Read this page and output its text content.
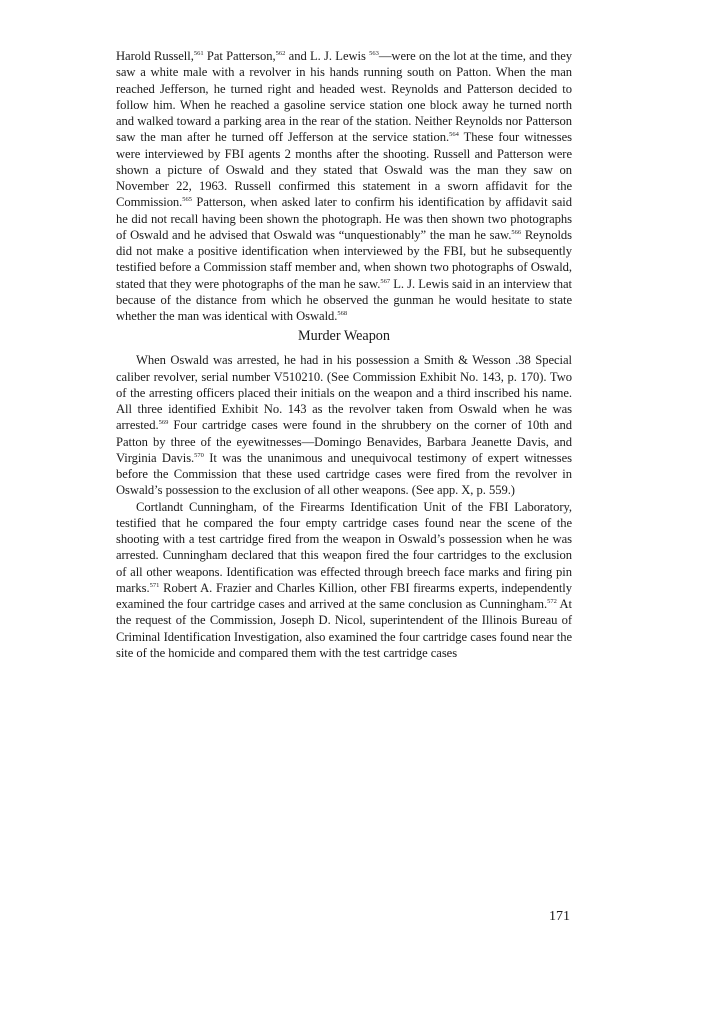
Harold Russell,$^{561}$ Pat Patterson,$^{562}$ and L. J. Lewis $^{563}$—were on the lot at the time, and they saw a white male with a revolver in his hands running south on Patton. When the man reached Jefferson, he turned right and headed west. Reynolds and Patterson decided to follow him. When he reached a gasoline service station one block away he turned north and walked toward a parking area in the rear of the station. Neither Reynolds nor Patterson saw the man after he turned off Jefferson at the service station.$^{564}$ These four witnesses were interviewed by FBI agents 2 months after the shooting. Russell and Patterson were shown a picture of Oswald and they stated that Oswald was the man they saw on November 22, 1963. Russell confirmed this statement in a sworn affidavit for the Commission.$^{565}$ Patterson, when asked later to confirm his identification by affidavit said he did not recall having been shown the photograph. He was then shown two photographs of Oswald and he advised that Oswald was “unquestionably” the man he saw.$^{566}$ Reynolds did not make a positive identification when interviewed by the FBI, but he subsequently testified before a Commission staff member and, when shown two photographs of Oswald, stated that they were photographs of the man he saw.$^{567}$ L. J. Lewis said in an interview that because of the distance from which he observed the gunman he would hesitate to state whether the man was identical with Oswald.$^{568}$

Murder Weapon

When Oswald was arrested, he had in his possession a Smith & Wesson .38 Special caliber revolver, serial number V510210. (See Commission Exhibit No. 143, p. 170). Two of the arresting officers placed their initials on the weapon and a third inscribed his name. All three identified Exhibit No. 143 as the revolver taken from Oswald when he was arrested.$^{569}$ Four cartridge cases were found in the shrubbery on the corner of 10th and Patton by three of the eyewitnesses—Domingo Benavides, Barbara Jeanette Davis, and Virginia Davis.$^{570}$ It was the unanimous and unequivocal testimony of expert witnesses before the Commission that these used cartridge cases were fired from the revolver in Oswald’s possession to the exclusion of all other weapons. (See app. X, p. 559.)

Cortlandt Cunningham, of the Firearms Identification Unit of the FBI Laboratory, testified that he compared the four empty cartridge cases found near the scene of the shooting with a test cartridge fired from the weapon in Oswald’s possession when he was arrested. Cunningham declared that this weapon fired the four cartridges to the exclusion of all other weapons. Identification was effected through breech face marks and firing pin marks.$^{571}$ Robert A. Frazier and Charles Killion, other FBI firearms experts, independently examined the four cartridge cases and arrived at the same conclusion as Cunningham.$^{572}$ At the request of the Commission, Joseph D. Nicol, superintendent of the Illinois Bureau of Criminal Identification Investigation, also examined the four cartridge cases found near the site of the homicide and compared them with the test cartridge cases

171
